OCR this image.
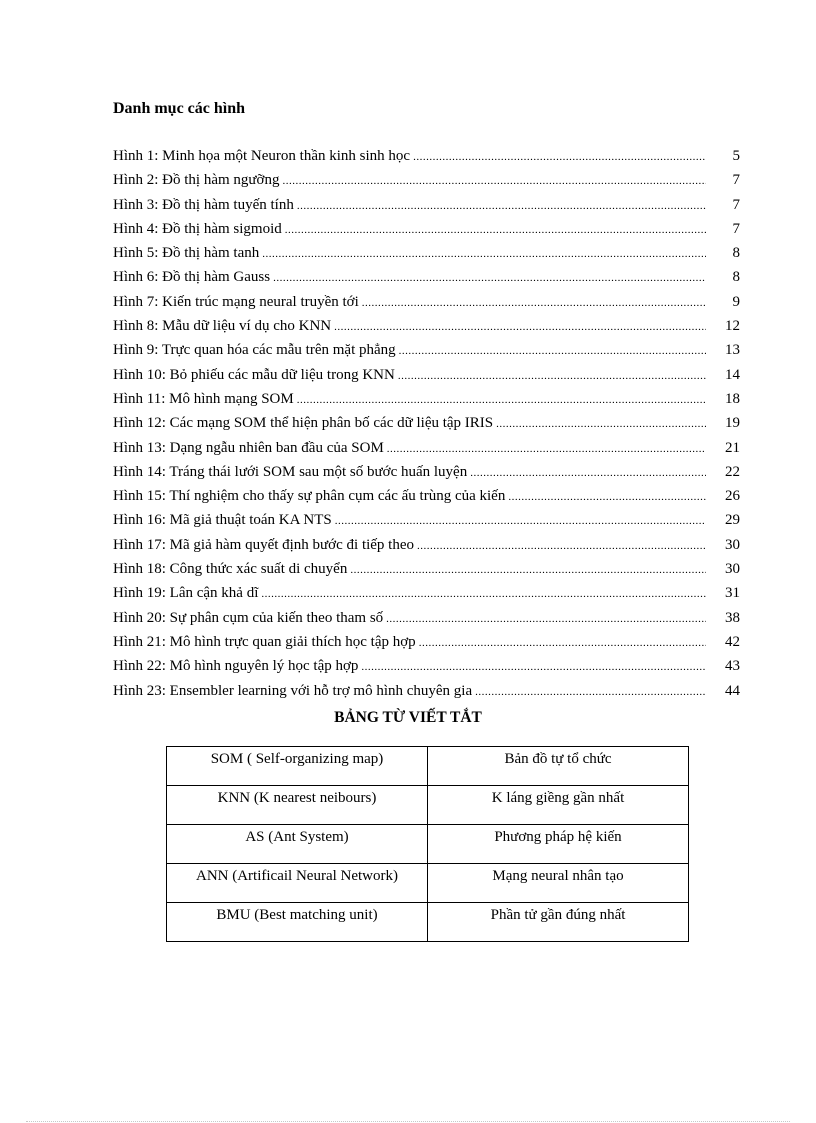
Danh mục các hình
Hình 1: Minh họa một Neuron thần kinh sinh học .....	5
Hình 2: Đồ thị hàm ngưỡng .....	7
Hình 3: Đồ thị hàm tuyến tính .....	7
Hình 4: Đồ thị hàm sigmoid .....	7
Hình 5: Đồ thị hàm tanh .....	8
Hình 6: Đồ thị hàm Gauss .....	8
Hình 7: Kiến trúc mạng neural truyền tới .....	9
Hình 8: Mẫu dữ liệu ví dụ cho KNN .....	12
Hình 9: Trực quan hóa các mẫu trên mặt phẳng .....	13
Hình 10: Bỏ phiếu các mẫu dữ liệu trong KNN .....	14
Hình 11: Mô hình mạng SOM .....	18
Hình 12: Các mạng SOM thể hiện phân bố các dữ liệu tập IRIS .....	19
Hình 13: Dạng ngẫu nhiên ban đầu của SOM .....	21
Hình 14: Tráng thái lưới SOM sau một số bước huấn luyện .....	22
Hình 15: Thí nghiệm cho thấy sự phân cụm các ấu trùng của kiến .....	26
Hình 16: Mã giả thuật toán KA NTS .....	29
Hình 17: Mã giả hàm quyết định bước đi tiếp theo .....	30
Hình 18: Công thức xác suất di chuyển .....	30
Hình 19: Lân cận khả dĩ .....	31
Hình 20: Sự phân cụm của kiến theo tham số .....	38
Hình 21: Mô hình trực quan giải thích học tập hợp .....	42
Hình 22: Mô hình nguyên lý học tập hợp .....	43
Hình 23: Ensembler learning với hỗ trợ mô hình chuyên gia .....	44
BẢNG TỪ VIẾT TẮT
SOM ( Self-organizing map)	Bản đồ tự tổ chức

KNN (K nearest neibours)	K láng giềng gần nhất

AS (Ant System)	Phương pháp hệ kiến

ANN (Artificail Neural Network)	Mạng neural nhân tạo

BMU (Best matching unit)	Phần tử gần đúng nhất
